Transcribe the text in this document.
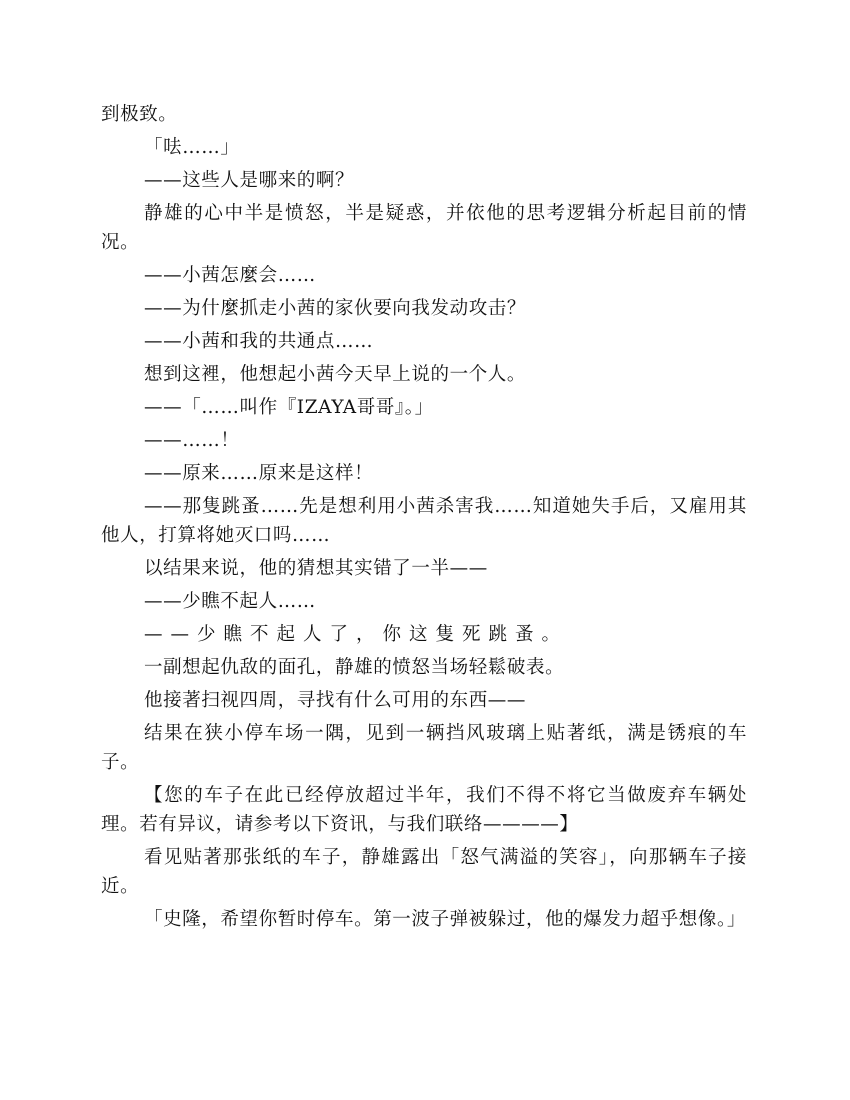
到极致。

「呿……」

——这些人是哪来的啊？

静雄的心中半是愤怒，半是疑惑，并依他的思考逻辑分析起目前的情况。

——小茜怎麼会……

——为什麼抓走小茜的家伙要向我发动攻击？

——小茜和我的共通点……

想到这裡，他想起小茜今天早上说的一个人。

——「……叫作『IZAYA哥哥』。」

——……！

——原来……原来是这样！

——那隻跳蚤……先是想利用小茜杀害我……知道她失手后，又雇用其他人，打算将她灭口吗……

以结果来说，他的猜想其实错了一半——

——少瞧不起人……

——少瞧不起人了，你这隻死跳蚤。

一副想起仇敌的面孔，静雄的愤怒当场轻鬆破表。

他接著扫视四周，寻找有什么可用的东西——

结果在狭小停车场一隅，见到一辆挡风玻璃上贴著纸，满是锈痕的车子。

【您的车子在此已经停放超过半年，我们不得不将它当做废弃车辆处理。若有异议，请参考以下资讯，与我们联络————】

看见贴著那张纸的车子，静雄露出「怒气满溢的笑容」，向那辆车子接近。

「史隆，希望你暂时停车。第一波子弹被躲过，他的爆发力超乎想像。」
